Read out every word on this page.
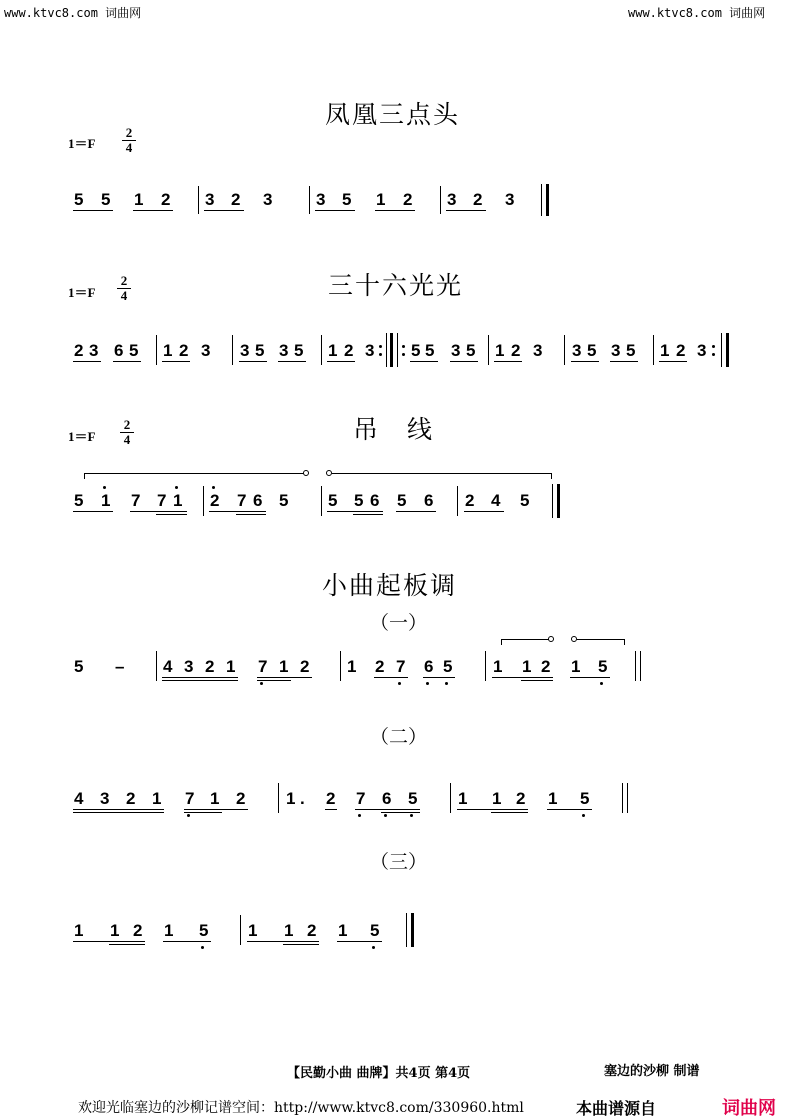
www.ktvc8.com 词曲网	www.ktvc8.com 词曲网
凤凰三点头
$1=F \frac{2}{4}$
5 5 1 2 3 2 3	3 5 1 2 3 2 3
三十六光光
$1=F \frac{2}{4}$
2 3 6 5 1 2 3 3 5 3 5 1 2 3 5 5 3 5 1 2 3 3 5 3 5 1 2 3
吊　线
$1=F \frac{2}{4}$
5 1 7 7 1 2 7 6 5 5 5 6 5 6 2 4 5
小曲起板调
（一）
5 – 4 3 2 1 7 1 2 1 2 7 6 5 1 1 2 1 5
（二）
4 3 2 1 7 1 2 1 . 2 7 6 5 1 1 2 1 5
（三）
1 1 2 1 5 1 1 2 1 5
【民勤小曲 曲牌】共4页 第4页	塞边的沙柳 制谱
欢迎光临塞边的沙柳记谱空间：http://www.ktvc8.com/330960.html	本曲谱源自	词曲网
